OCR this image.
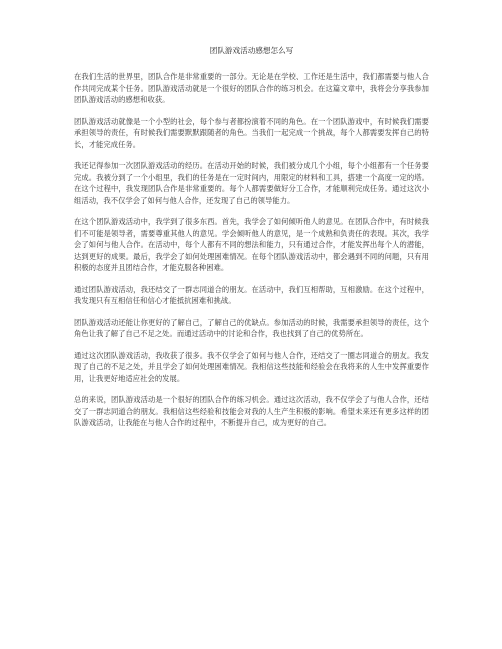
团队游戏活动感想怎么写

在我们生活的世界里，团队合作是非常重要的一部分。无论是在学校、工作还是生活中，我们都需要与他人合作共同完成某个任务。团队游戏活动就是一个很好的团队合作的练习机会。在这篇文章中，我将会分享我参加团队游戏活动的感想和收获。

团队游戏活动就像是一个小型的社会，每个参与者都扮演着不同的角色。在一个团队游戏中，有时候我们需要承担领导的责任，有时候我们需要默默跟随者的角色。当我们一起完成一个挑战，每个人都需要发挥自己的特长，才能完成任务。

我还记得参加一次团队游戏活动的经历。在活动开始的时候，我们被分成几个小组，每个小组都有一个任务要完成。我被分到了一个小组里，我们的任务是在一定时间内，用限定的材料和工具，搭建一个高度一定的塔。在这个过程中，我发现团队合作是非常重要的。每个人都需要做好分工合作，才能顺利完成任务。通过这次小组活动，我不仅学会了如何与他人合作，还发现了自己的领导能力。

在这个团队游戏活动中，我学到了很多东西。首先，我学会了如何倾听他人的意见。在团队合作中，有时候我们不可能是领导者，需要尊重其他人的意见。学会倾听他人的意见，是一个成熟和负责任的表现。其次，我学会了如何与他人合作。在活动中，每个人都有不同的想法和能力，只有通过合作，才能发挥出每个人的潜能，达到更好的成果。最后，我学会了如何处理困难情况。在每个团队游戏活动中，都会遇到不同的问题，只有用积极的态度并且团结合作，才能克服各种困难。

通过团队游戏活动，我还结交了一群志同道合的朋友。在活动中，我们互相帮助，互相激励。在这个过程中，我发现只有互相信任和信心才能抵抗困难和挑战。

团队游戏活动还能让你更好的了解自己，了解自己的优缺点。参加活动的时候，我需要承担领导的责任，这个角色让我了解了自己不足之处。而通过活动中的讨论和合作，我也找到了自己的优势所在。

通过这次团队游戏活动，我收获了很多。我不仅学会了如何与他人合作，还结交了一圈志同道合的朋友。我发现了自己的不足之处，并且学会了如何处理困难情况。我相信这些技能和经验会在我将来的人生中发挥重要作用，让我更好地适应社会的发展。

总的来说，团队游戏活动是一个很好的团队合作的练习机会。通过这次活动，我不仅学会了与他人合作，还结交了一群志同道合的朋友。我相信这些经验和技能会对我的人生产生积极的影响。希望未来还有更多这样的团队游戏活动，让我能在与他人合作的过程中，不断提升自己，成为更好的自己。
